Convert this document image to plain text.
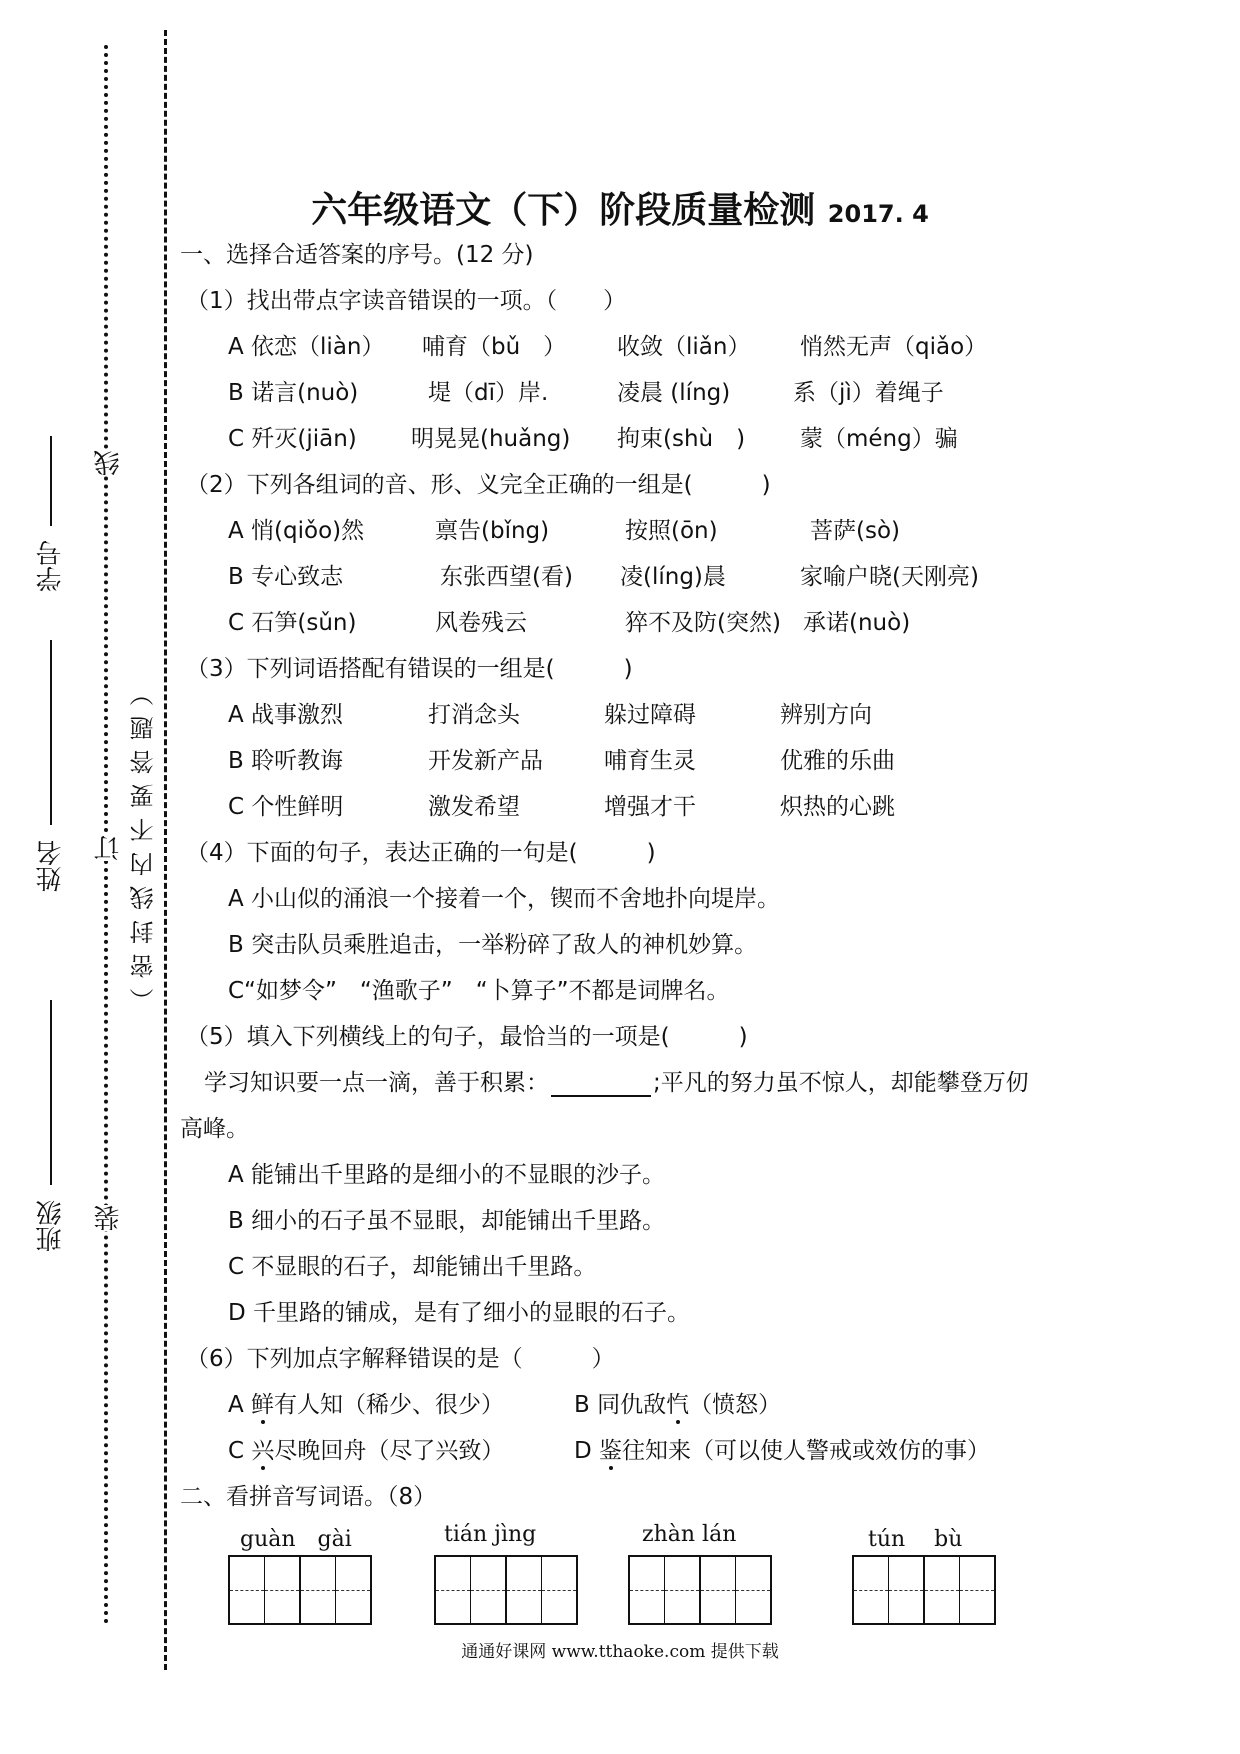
学号
姓名
班级
线
订
装
（密封线内不要答题）
六年级语文（下）阶段质量检测 2017. 4
一、选择合适答案的序号。(12 分)
（1）找出带点字读音错误的一项。（　　）
A 依恋（liàn） 哺育（bǔ　） 收敛（liǎn） 悄然无声（qiǎo）
B 诺言(nuò)	堤（dī）岸.	凌晨 (líng)	系（jì）着绳子
C 歼灭(jiān) 明晃晃(huǎng) 拘束(shù　) 蒙（méng）骗
（2）下列各组词的音、形、义完全正确的一组是(　　　)
A 悄(qiǒo)然	禀告(bǐng)	按照(ōn)	菩萨(sò)
B 专心致志	东张西望(看) 凌(líng)晨	家喻户晓(天刚亮)
C 石笋(sǔn)	风卷残云	猝不及防(突然) 承诺(nuò)
（3）下列词语搭配有错误的一组是(　　　)
A 战事激烈	打消念头	躲过障碍	辨别方向
B 聆听教诲	开发新产品	哺育生灵	优雅的乐曲
C 个性鲜明	激发希望	增强才干	炽热的心跳
（4）下面的句子，表达正确的一句是(　　　)
A 小山似的涌浪一个接着一个，锲而不舍地扑向堤岸。
B 突击队员乘胜追击，一举粉碎了敌人的神机妙算。
C“如梦令”　“渔歌子”　“卜算子”不都是词牌名。
（5）填入下列横线上的句子，最恰当的一项是(　　　)
学习知识要一点一滴，善于积累：	;平凡的努力虽不惊人，却能攀登万仞
高峰。
A 能铺出千里路的是细小的不显眼的沙子。
B 细小的石子虽不显眼，却能铺出千里路。
C 不显眼的石子，却能铺出千里路。
D 千里路的铺成，是有了细小的显眼的石子。
（6）下列加点字解释错误的是（　　　）
A 鲜有人知（稀少、很少）	B 同仇敌忾（愤怒）
C 兴尽晚回舟（尽了兴致）	D 鉴往知来（可以使人警戒或效仿的事）
二、看拼音写词语。（8）
guàn　gài	tián jìng	zhàn lán	tún　 bù
通通好课网 www.tthaoke.com 提供下载
